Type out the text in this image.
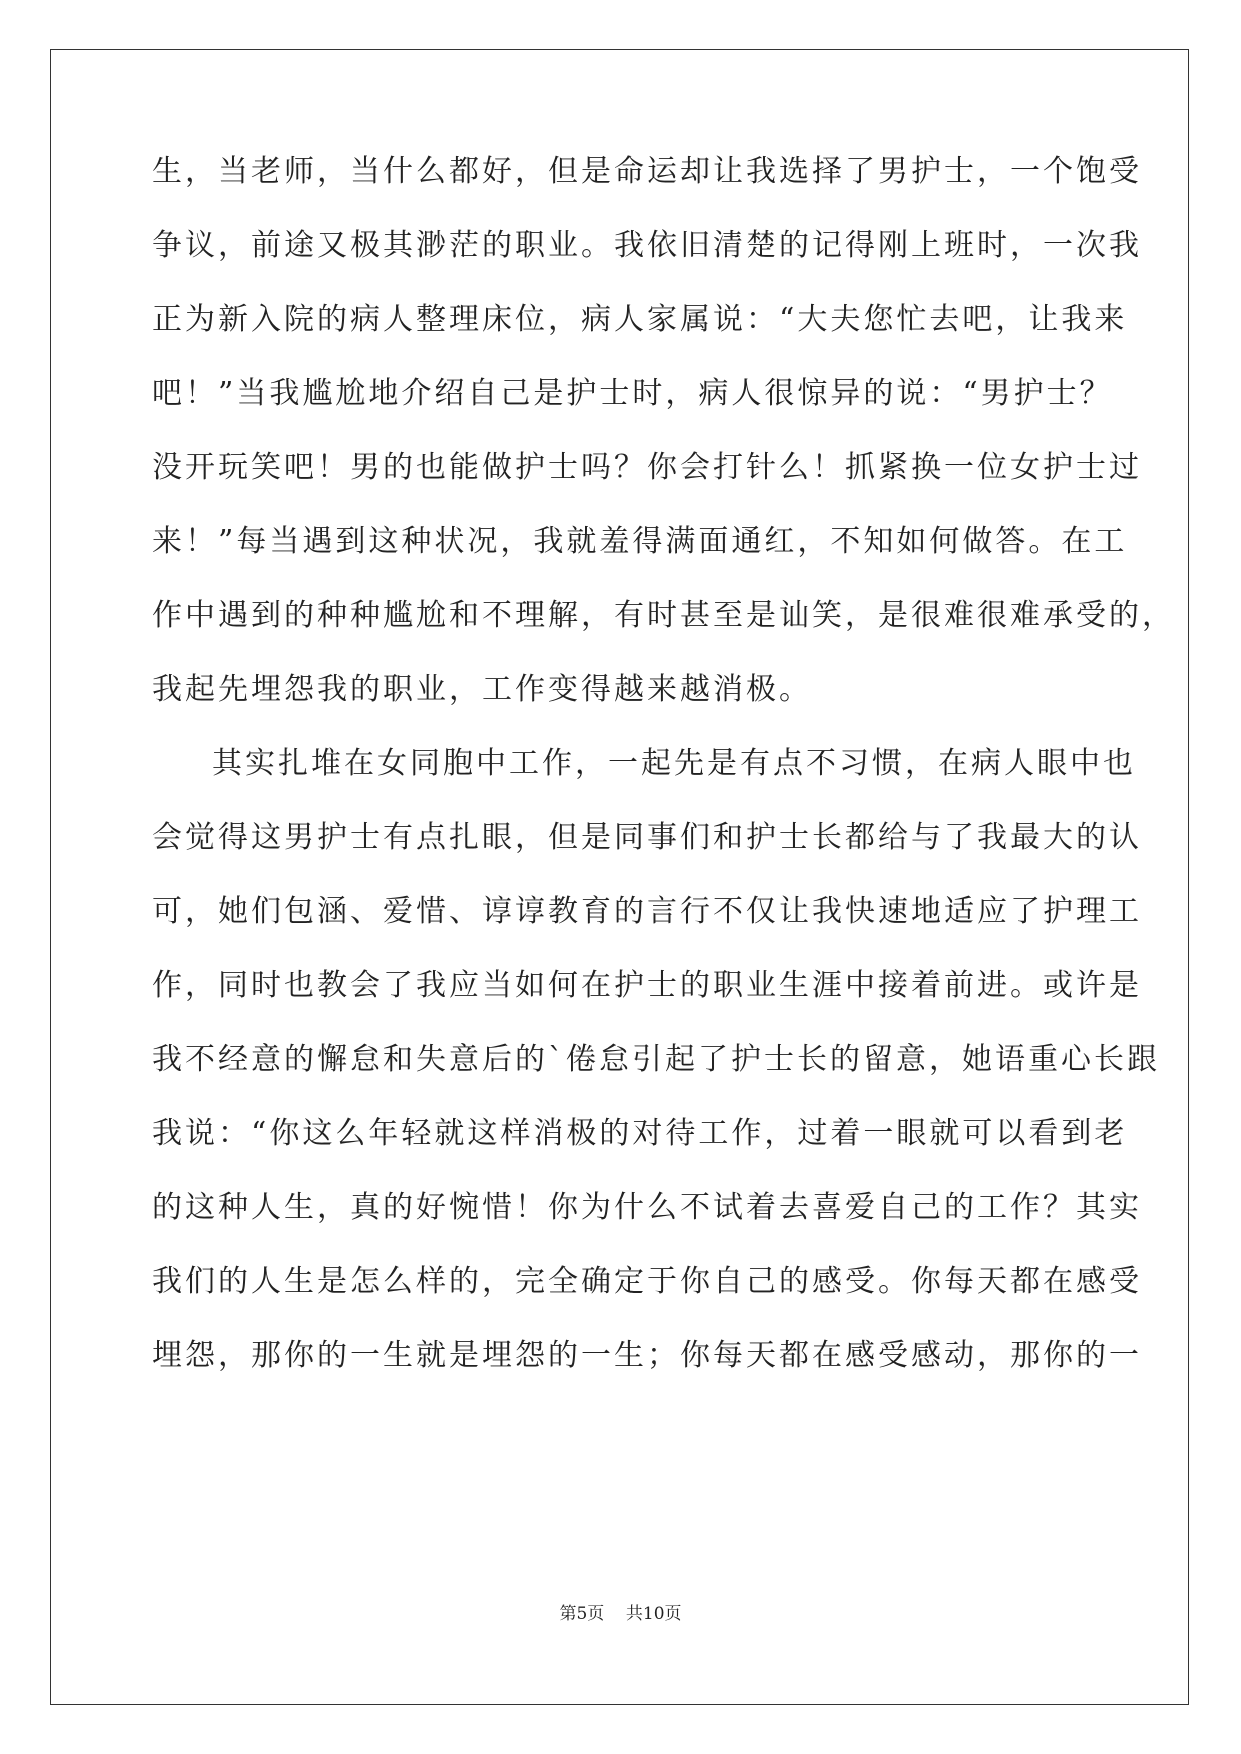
生，当老师，当什么都好，但是命运却让我选择了男护士，一个饱受
争议，前途又极其渺茫的职业。我依旧清楚的记得刚上班时，一次我
正为新入院的病人整理床位，病人家属说：“大夫您忙去吧，让我来
吧！”当我尴尬地介绍自己是护士时，病人很惊异的说：“男护士？
没开玩笑吧！男的也能做护士吗？你会打针么！抓紧换一位女护士过
来！”每当遇到这种状况，我就羞得满面通红，不知如何做答。在工
作中遇到的种种尴尬和不理解，有时甚至是讪笑，是很难很难承受的，
我起先埋怨我的职业，工作变得越来越消极。
其实扎堆在女同胞中工作，一起先是有点不习惯，在病人眼中也
会觉得这男护士有点扎眼，但是同事们和护士长都给与了我最大的认
可，她们包涵、爱惜、谆谆教育的言行不仅让我快速地适应了护理工
作，同时也教会了我应当如何在护士的职业生涯中接着前进。或许是
我不经意的懈怠和失意后的`倦怠引起了护士长的留意，她语重心长跟
我说：“你这么年轻就这样消极的对待工作，过着一眼就可以看到老
的这种人生，真的好惋惜！你为什么不试着去喜爱自己的工作？其实
我们的人生是怎么样的，完全确定于你自己的感受。你每天都在感受
埋怨，那你的一生就是埋怨的一生；你每天都在感受感动，那你的一
第5页 共10页
